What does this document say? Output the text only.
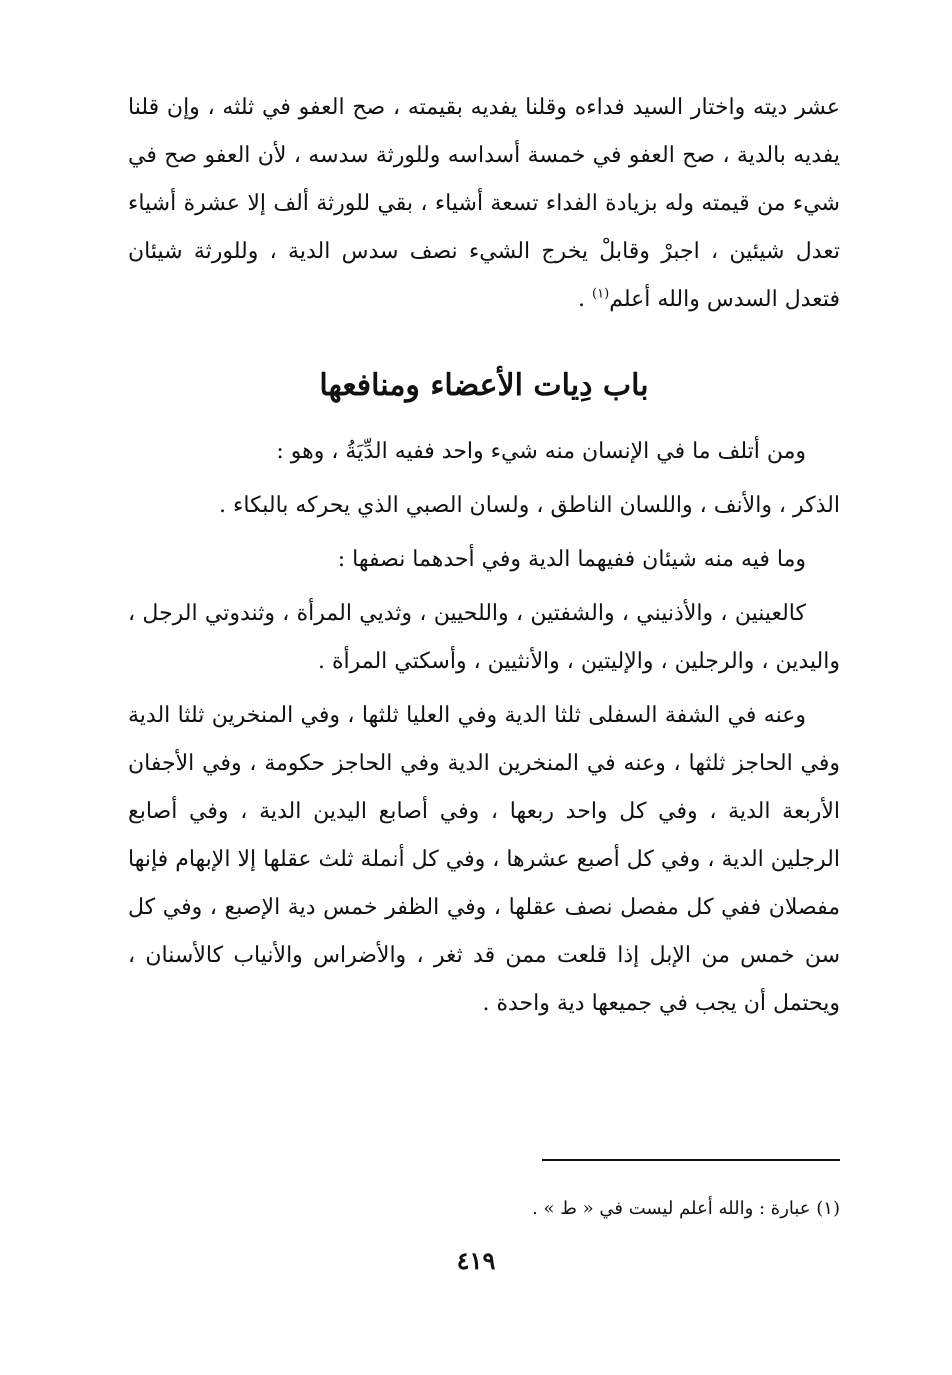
عشر ديته واختار السيد فداءه وقلنا يفديه بقيمته ، صح العفو في ثلثه ، وإن قلنا يفديه بالدية ، صح العفو في خمسة أسداسه وللورثة سدسه ، لأن العفو صح في شيء من قيمته وله بزيادة الفداء تسعة أشياء ، بقي للورثة ألف إلا عشرة أشياء تعدل شيئين ، اجبرْ وقابلْ يخرج الشيء نصف سدس الدية ، وللورثة شيئان فتعدل السدس والله أعلم$^{(١)}$ .

باب دِيات الأعضاء ومنافعها

ومن أتلف ما في الإنسان منه شيء واحد ففيه الدِّيَةُ ، وهو :

الذكر ، والأنف ، واللسان الناطق ، ولسان الصبي الذي يحركه بالبكاء .

وما فيه منه شيئان ففيهما الدية وفي أحدهما نصفها :

كالعينين ، والأذنيني ، والشفتين ، واللحيين ، وثديي المرأة ، وثندوتي الرجل ، واليدين ، والرجلين ، والإليتين ، والأنثيين ، وأسكتي المرأة .

وعنه في الشفة السفلى ثلثا الدية وفي العليا ثلثها ، وفي المنخرين ثلثا الدية وفي الحاجز ثلثها ، وعنه في المنخرين الدية وفي الحاجز حكومة ، وفي الأجفان الأربعة الدية ، وفي كل واحد ربعها ، وفي أصابع اليدين الدية ، وفي أصابع الرجلين الدية ، وفي كل أصبع عشرها ، وفي كل أنملة ثلث عقلها إلا الإبهام فإنها مفصلان ففي كل مفصل نصف عقلها ، وفي الظفر خمس دية الإصبع ، وفي كل سن خمس من الإبل إذا قلعت ممن قد ثغر ، والأضراس والأنياب كالأسنان ، ويحتمل أن يجب في جميعها دية واحدة .

(١) عبارة : والله أعلم ليست في « ط » .

٤١٩
